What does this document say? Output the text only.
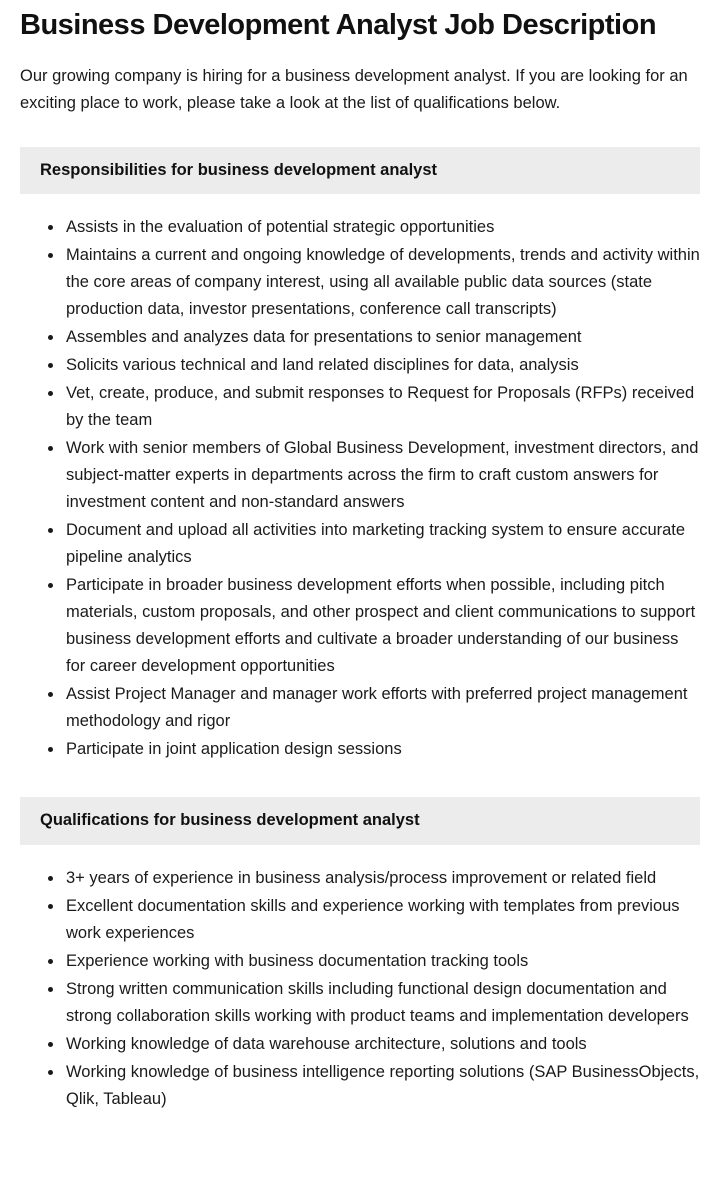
Business Development Analyst Job Description

Our growing company is hiring for a business development analyst. If you are looking for an exciting place to work, please take a look at the list of qualifications below.

Responsibilities for business development analyst
• Assists in the evaluation of potential strategic opportunities
• Maintains a current and ongoing knowledge of developments, trends and activity within the core areas of company interest, using all available public data sources (state production data, investor presentations, conference call transcripts)
• Assembles and analyzes data for presentations to senior management
• Solicits various technical and land related disciplines for data, analysis
• Vet, create, produce, and submit responses to Request for Proposals (RFPs) received by the team
• Work with senior members of Global Business Development, investment directors, and subject-matter experts in departments across the firm to craft custom answers for investment content and non-standard answers
• Document and upload all activities into marketing tracking system to ensure accurate pipeline analytics
• Participate in broader business development efforts when possible, including pitch materials, custom proposals, and other prospect and client communications to support business development efforts and cultivate a broader understanding of our business for career development opportunities
• Assist Project Manager and manager work efforts with preferred project management methodology and rigor
• Participate in joint application design sessions
Qualifications for business development analyst
• 3+ years of experience in business analysis/process improvement or related field
• Excellent documentation skills and experience working with templates from previous work experiences
• Experience working with business documentation tracking tools
• Strong written communication skills including functional design documentation and strong collaboration skills working with product teams and implementation developers
• Working knowledge of data warehouse architecture, solutions and tools
• Working knowledge of business intelligence reporting solutions (SAP BusinessObjects, Qlik, Tableau)
